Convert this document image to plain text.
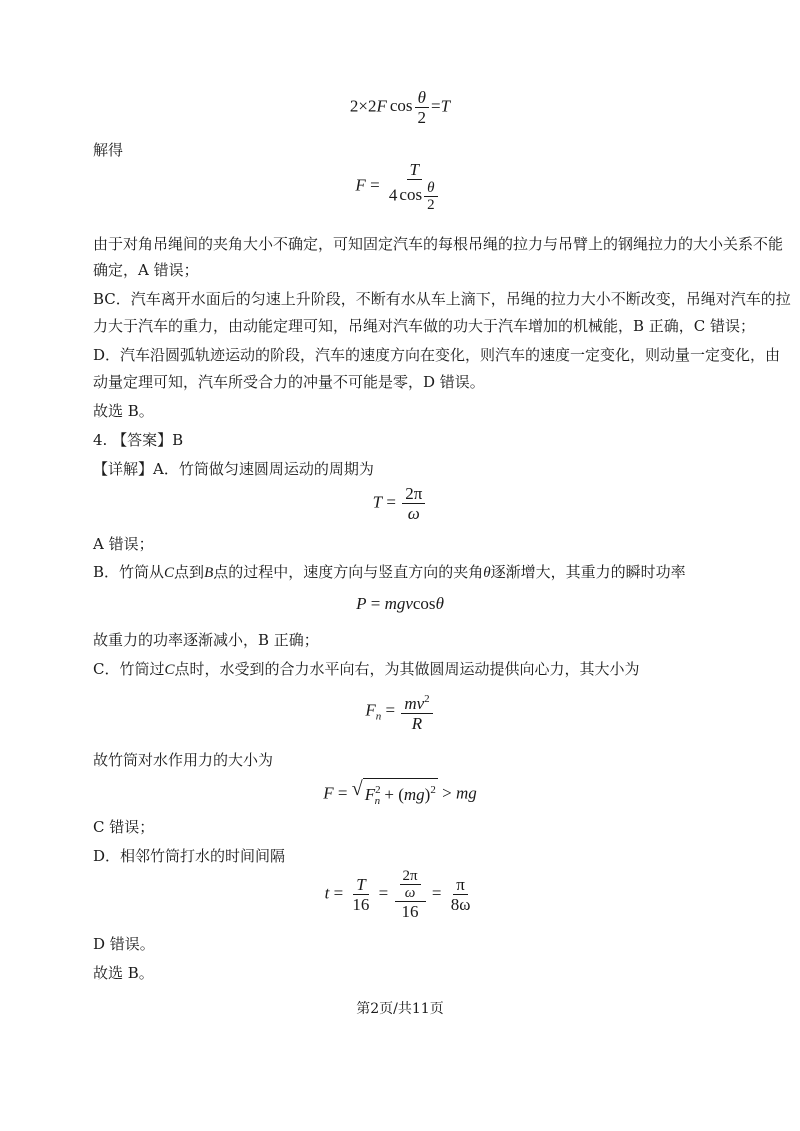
2×2F $\cos \frac{\theta}{2} =T$
解得
$F = \frac{T}{4 \cos \frac{\theta}{2}}$
由于对角吊绳间的夹角大小不确定，可知固定汽车的每根吊绳的拉力与吊臂上的钢绳拉力的大小关系不能
确定，A 错误；
BC．汽车离开水面后的匀速上升阶段，不断有水从车上滴下，吊绳的拉力大小不断改变，吊绳对汽车的拉
力大于汽车的重力，由动能定理可知，吊绳对汽车做的功大于汽车增加的机械能，B 正确，C 错误；
D．汽车沿圆弧轨迹运动的阶段，汽车的速度方向在变化，则汽车的速度一定变化，则动量一定变化，由
动量定理可知，汽车所受合力的冲量不可能是零，D 错误。
故选 B。
4. 【答案】B
【详解】A．竹筒做匀速圆周运动的周期为
$T = \frac{2\pi}{\omega}$
A 错误；
B．竹筒从C点到B点的过程中，速度方向与竖直方向的夹角θ逐渐增大，其重力的瞬时功率
P = mgvcosθ
故重力的功率逐渐减小，B 正确；
C．竹筒过C点时，水受到的合力水平向右，为其做圆周运动提供向心力，其大小为
$F_n = \frac{mv^2}{R}$
故竹筒对水作用力的大小为
F = √ $F^2_n + (mg)^2$ > mg
C 错误；
D．相邻竹筒打水的时间间隔
$t = \frac{T}{16} = \frac{\frac{2\pi}{\omega}}{16} = \frac{\pi}{8\omega}$
D 错误。
故选 B。
第2页/共11页
